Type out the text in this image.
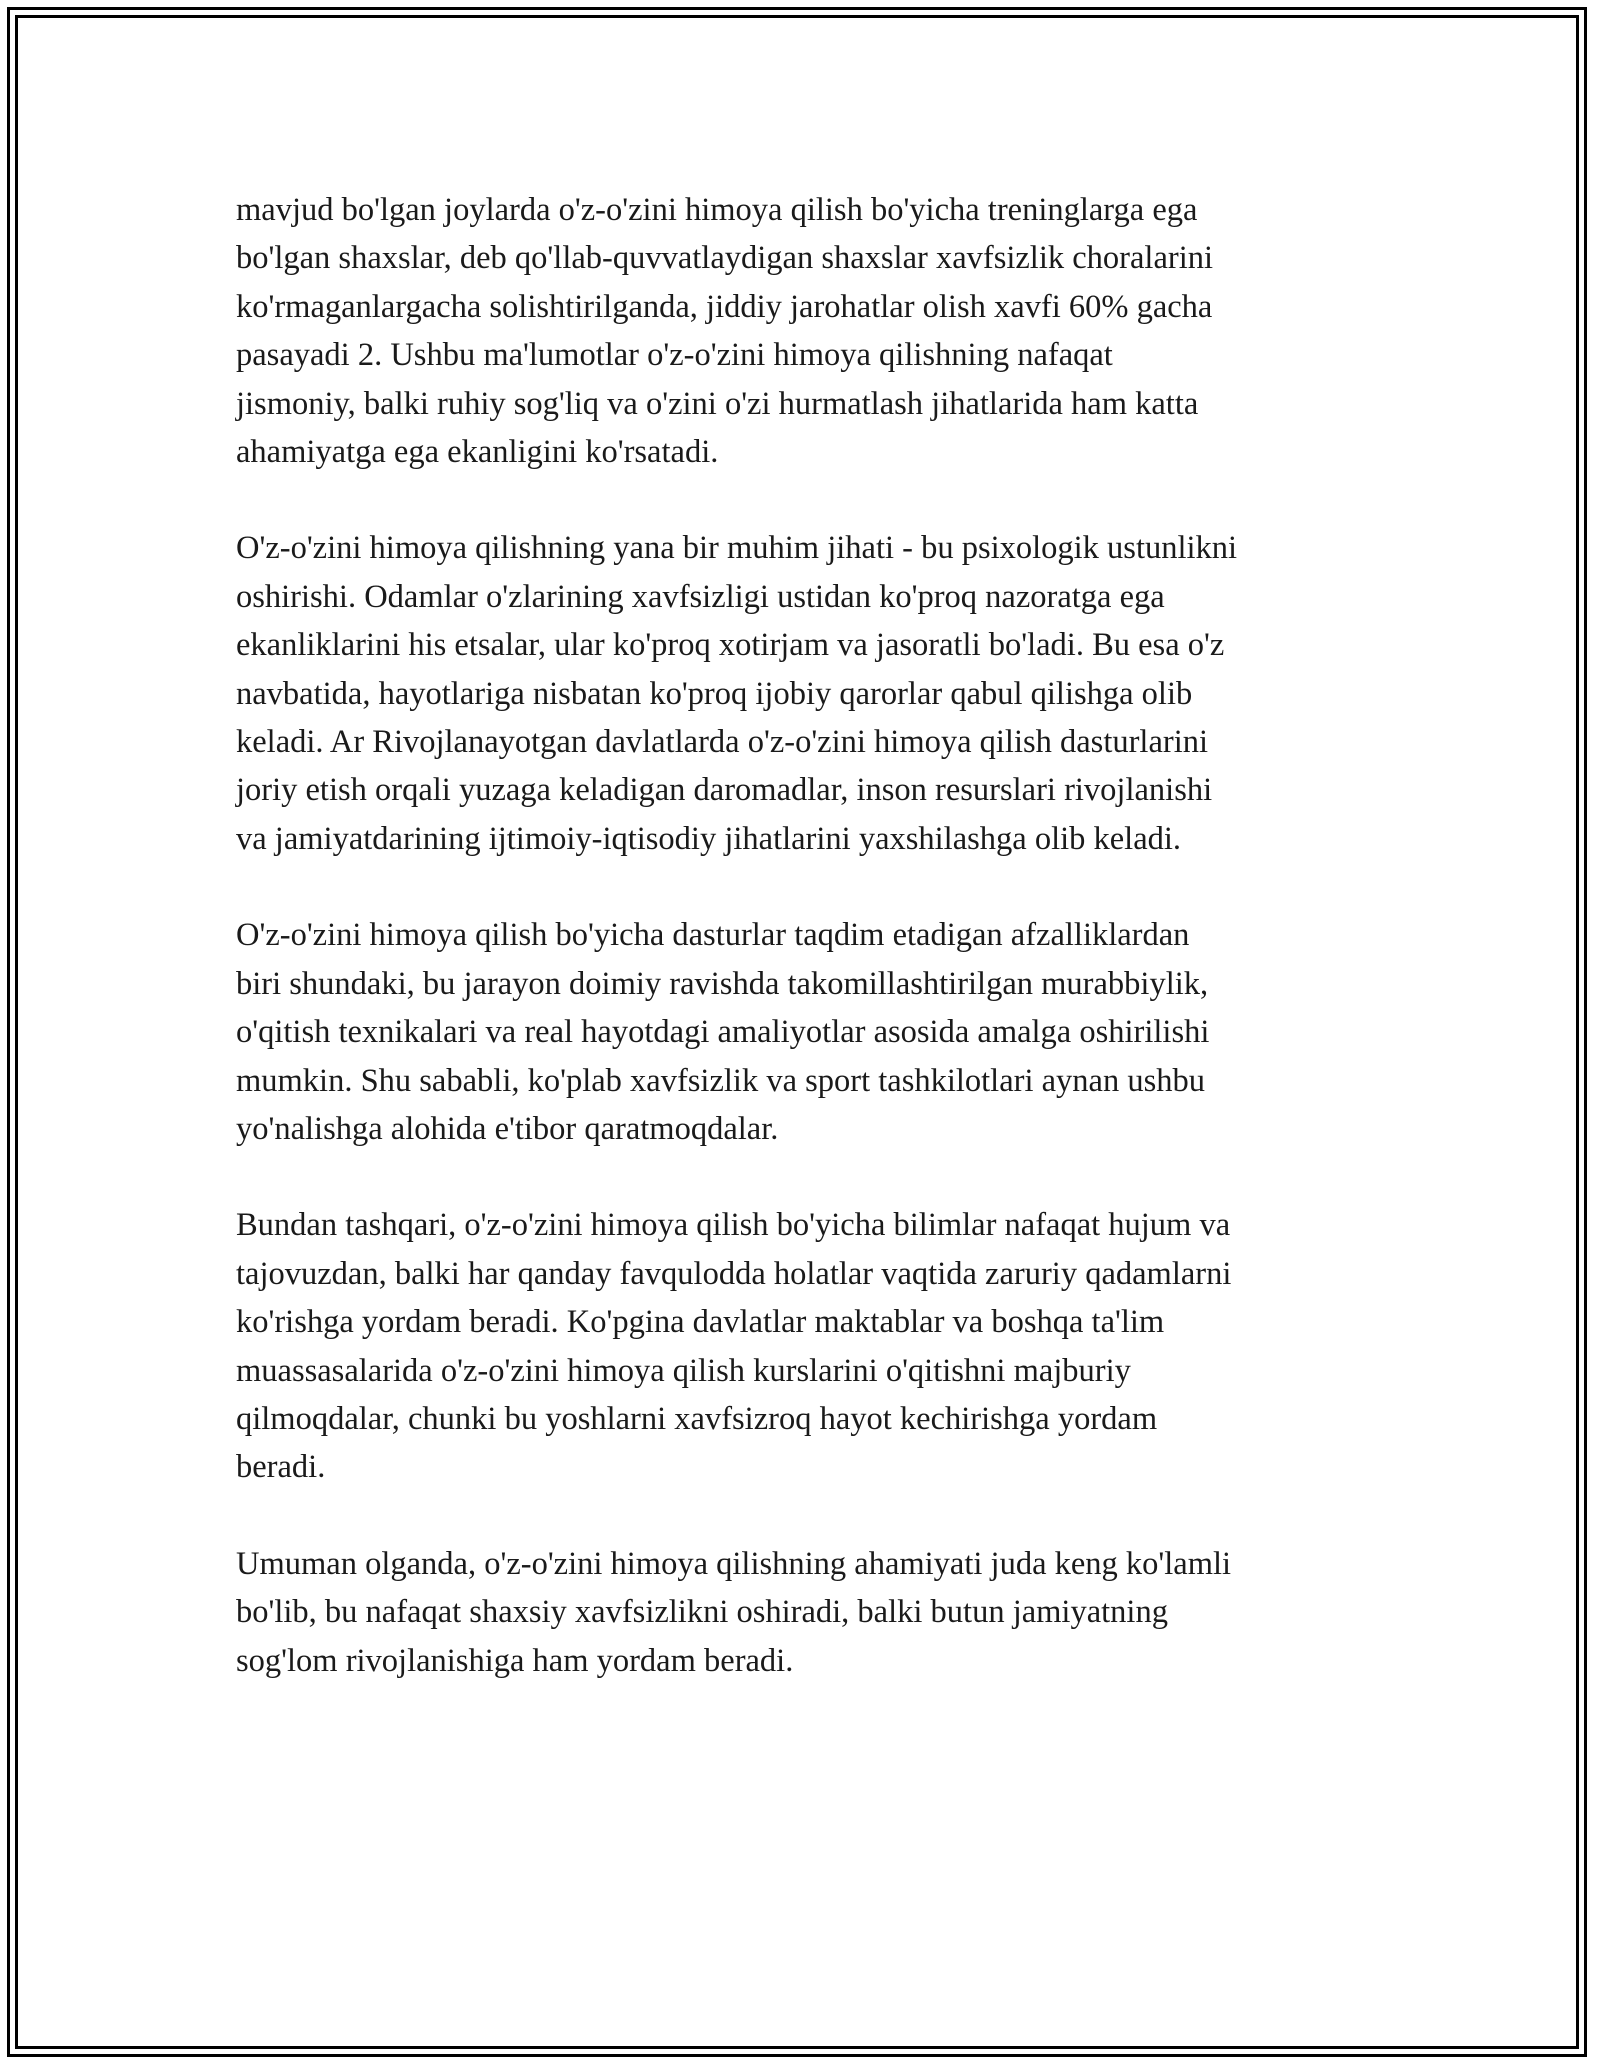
mavjud bo'lgan joylarda o'z-o'zini himoya qilish bo'yicha treninglarga ega
bo'lgan shaxslar, deb qo'llab-quvvatlaydigan shaxslar xavfsizlik choralarini
ko'rmaganlargacha solishtirilganda, jiddiy jarohatlar olish xavfi 60% gacha
pasayadi 2. Ushbu ma'lumotlar o'z-o'zini himoya qilishning nafaqat
jismoniy, balki ruhiy sog'liq va o'zini o'zi hurmatlash jihatlarida ham katta
ahamiyatga ega ekanligini ko'rsatadi.

O'z-o'zini himoya qilishning yana bir muhim jihati - bu psixologik ustunlikni
oshirishi. Odamlar o'zlarining xavfsizligi ustidan ko'proq nazoratga ega
ekanliklarini his etsalar, ular ko'proq xotirjam va jasoratli bo'ladi. Bu esa o'z
navbatida, hayotlariga nisbatan ko'proq ijobiy qarorlar qabul qilishga olib
keladi. Ar Rivojlanayotgan davlatlarda o'z-o'zini himoya qilish dasturlarini
joriy etish orqali yuzaga keladigan daromadlar, inson resurslari rivojlanishi
va jamiyatdarining ijtimoiy-iqtisodiy jihatlarini yaxshilashga olib keladi.

O'z-o'zini himoya qilish bo'yicha dasturlar taqdim etadigan afzalliklardan
biri shundaki, bu jarayon doimiy ravishda takomillashtirilgan murabbiylik,
o'qitish texnikalari va real hayotdagi amaliyotlar asosida amalga oshirilishi
mumkin. Shu sababli, ko'plab xavfsizlik va sport tashkilotlari aynan ushbu
yo'nalishga alohida e'tibor qaratmoqdalar.

Bundan tashqari, o'z-o'zini himoya qilish bo'yicha bilimlar nafaqat hujum va
tajovuzdan, balki har qanday favqulodda holatlar vaqtida zaruriy qadamlarni
ko'rishga yordam beradi. Ko'pgina davlatlar maktablar va boshqa ta'lim
muassasalarida o'z-o'zini himoya qilish kurslarini o'qitishni majburiy
qilmoqdalar, chunki bu yoshlarni xavfsizroq hayot kechirishga yordam
beradi.

Umuman olganda, o'z-o'zini himoya qilishning ahamiyati juda keng ko'lamli
bo'lib, bu nafaqat shaxsiy xavfsizlikni oshiradi, balki butun jamiyatning
sog'lom rivojlanishiga ham yordam beradi.
